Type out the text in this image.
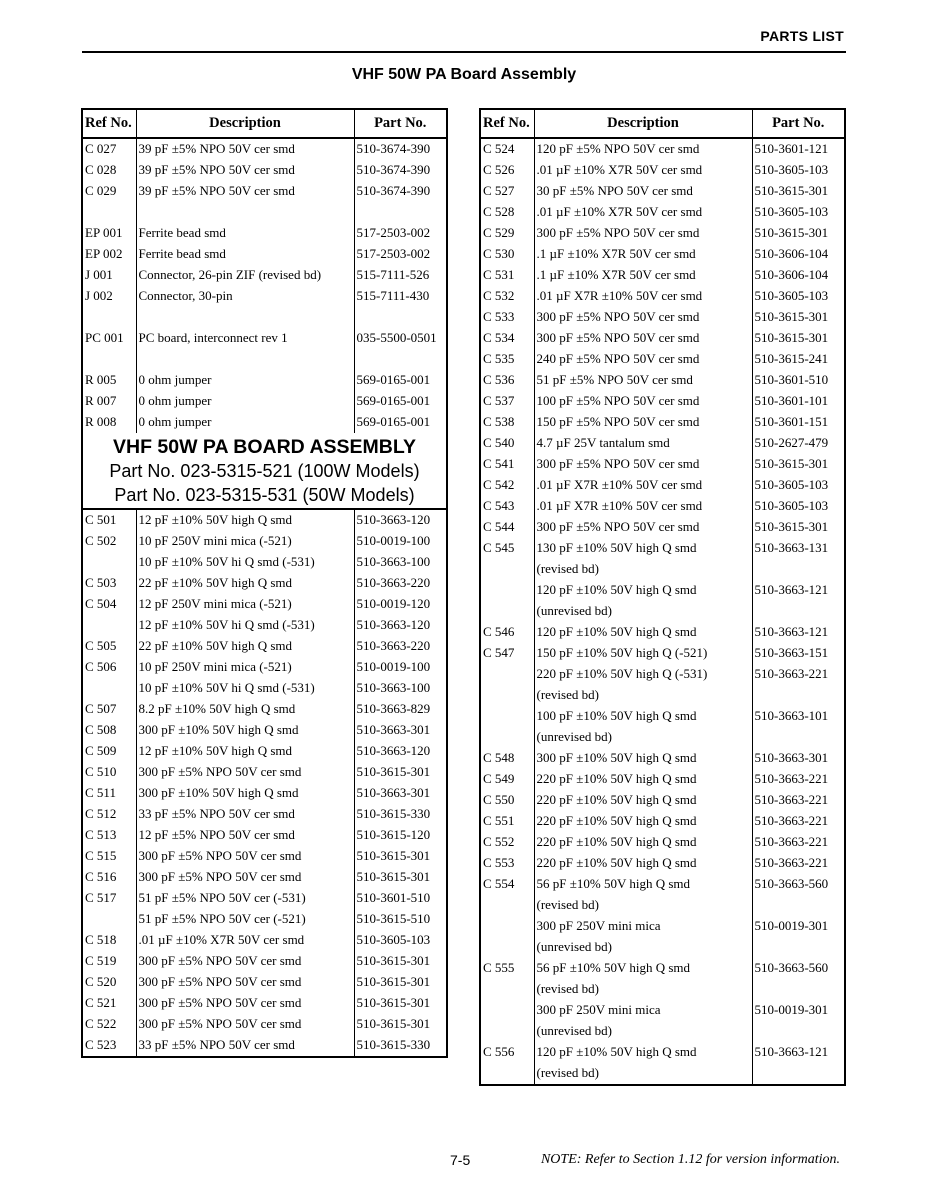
PARTS LIST
VHF 50W PA Board Assembly
Ref No.	Description	Part No.
C 027	39 pF ±5% NPO 50V cer smd	510-3674-390
C 028	39 pF ±5% NPO 50V cer smd	510-3674-390
C 029	39 pF ±5% NPO 50V cer smd	510-3674-390

EP 001	Ferrite bead smd	517-2503-002
EP 002	Ferrite bead smd	517-2503-002
J 001	Connector, 26-pin ZIF (revised bd)	515-7111-526
J 002	Connector, 30-pin	515-7111-430

PC 001	PC board, interconnect rev 1	035-5500-0501

R 005	0 ohm jumper	569-0165-001
R 007	0 ohm jumper	569-0165-001
R 008	0 ohm jumper	569-0165-001

VHF 50W PA BOARD ASSEMBLY
Part No. 023-5315-521 (100W Models)
Part No. 023-5315-531 (50W Models)		

C 501	12 pF ±10% 50V high Q smd	510-3663-120
C 502	10 pF 250V mini mica (-521)	510-0019-100
	10 pF ±10% 50V hi Q smd (-531)	510-3663-100
C 503	22 pF ±10% 50V high Q smd	510-3663-220
C 504	12 pF 250V mini mica (-521)	510-0019-120
	12 pF ±10% 50V hi Q smd (-531)	510-3663-120
C 505	22 pF ±10% 50V high Q smd	510-3663-220
C 506	10 pF 250V mini mica (-521)	510-0019-100
	10 pF ±10% 50V hi Q smd (-531)	510-3663-100
C 507	8.2 pF ±10% 50V high Q smd	510-3663-829
C 508	300 pF ±10% 50V high Q smd	510-3663-301
C 509	12 pF ±10% 50V high Q smd	510-3663-120
C 510	300 pF ±5% NPO 50V cer smd	510-3615-301
C 511	300 pF ±10% 50V high Q smd	510-3663-301
C 512	33 pF ±5% NPO 50V cer smd	510-3615-330
C 513	12 pF ±5% NPO 50V cer smd	510-3615-120
C 515	300 pF ±5% NPO 50V cer smd	510-3615-301
C 516	300 pF ±5% NPO 50V cer smd	510-3615-301
C 517	51 pF ±5% NPO 50V cer (-531)	510-3601-510
	51 pF ±5% NPO 50V cer (-521)	510-3615-510
C 518	.01 µF ±10% X7R 50V cer smd	510-3605-103
C 519	300 pF ±5% NPO 50V cer smd	510-3615-301
C 520	300 pF ±5% NPO 50V cer smd	510-3615-301
C 521	300 pF ±5% NPO 50V cer smd	510-3615-301
C 522	300 pF ±5% NPO 50V cer smd	510-3615-301
C 523	33 pF ±5% NPO 50V cer smd	510-3615-330
Ref No.	Description	Part No.
C 524	120 pF ±5% NPO 50V cer smd	510-3601-121
C 526	.01 µF ±10% X7R 50V cer smd	510-3605-103
C 527	30 pF ±5% NPO 50V cer smd	510-3615-301
C 528	.01 µF ±10% X7R 50V cer smd	510-3605-103
C 529	300 pF ±5% NPO 50V cer smd	510-3615-301
C 530	.1 µF ±10% X7R 50V cer smd	510-3606-104
C 531	.1 µF ±10% X7R 50V cer smd	510-3606-104
C 532	.01 µF X7R ±10% 50V cer smd	510-3605-103
C 533	300 pF ±5% NPO 50V cer smd	510-3615-301
C 534	300 pF ±5% NPO 50V cer smd	510-3615-301
C 535	240 pF ±5% NPO 50V cer smd	510-3615-241
C 536	51 pF ±5% NPO 50V cer smd	510-3601-510
C 537	100 pF ±5% NPO 50V cer smd	510-3601-101
C 538	150 pF ±5% NPO 50V cer smd	510-3601-151
C 540	4.7 µF 25V tantalum smd	510-2627-479
C 541	300 pF ±5% NPO 50V cer smd	510-3615-301
C 542	.01 µF X7R ±10% 50V cer smd	510-3605-103
C 543	.01 µF X7R ±10% 50V cer smd	510-3605-103
C 544	300 pF ±5% NPO 50V cer smd	510-3615-301
C 545	130 pF ±10% 50V high Q smd	510-3663-131
	(revised bd)	
	120 pF ±10% 50V high Q smd	510-3663-121
	(unrevised bd)	
C 546	120 pF ±10% 50V high Q smd	510-3663-121
C 547	150 pF ±10% 50V high Q (-521)	510-3663-151
	220 pF ±10% 50V high Q (-531)	510-3663-221
	(revised bd)	
	100 pF ±10% 50V high Q smd	510-3663-101
	(unrevised bd)	
C 548	300 pF ±10% 50V high Q smd	510-3663-301
C 549	220 pF ±10% 50V high Q smd	510-3663-221
C 550	220 pF ±10% 50V high Q smd	510-3663-221
C 551	220 pF ±10% 50V high Q smd	510-3663-221
C 552	220 pF ±10% 50V high Q smd	510-3663-221
C 553	220 pF ±10% 50V high Q smd	510-3663-221
C 554	56 pF ±10% 50V high Q smd	510-3663-560
	(revised bd)	
	300 pF 250V mini mica	510-0019-301
	(unrevised bd)	
C 555	56 pF ±10% 50V high Q smd	510-3663-560
	(revised bd)	
	300 pF 250V mini mica	510-0019-301
	(unrevised bd)	
C 556	120 pF ±10% 50V high Q smd	510-3663-121
	(revised bd)	
7-5	NOTE: Refer to Section 1.12 for version information.
